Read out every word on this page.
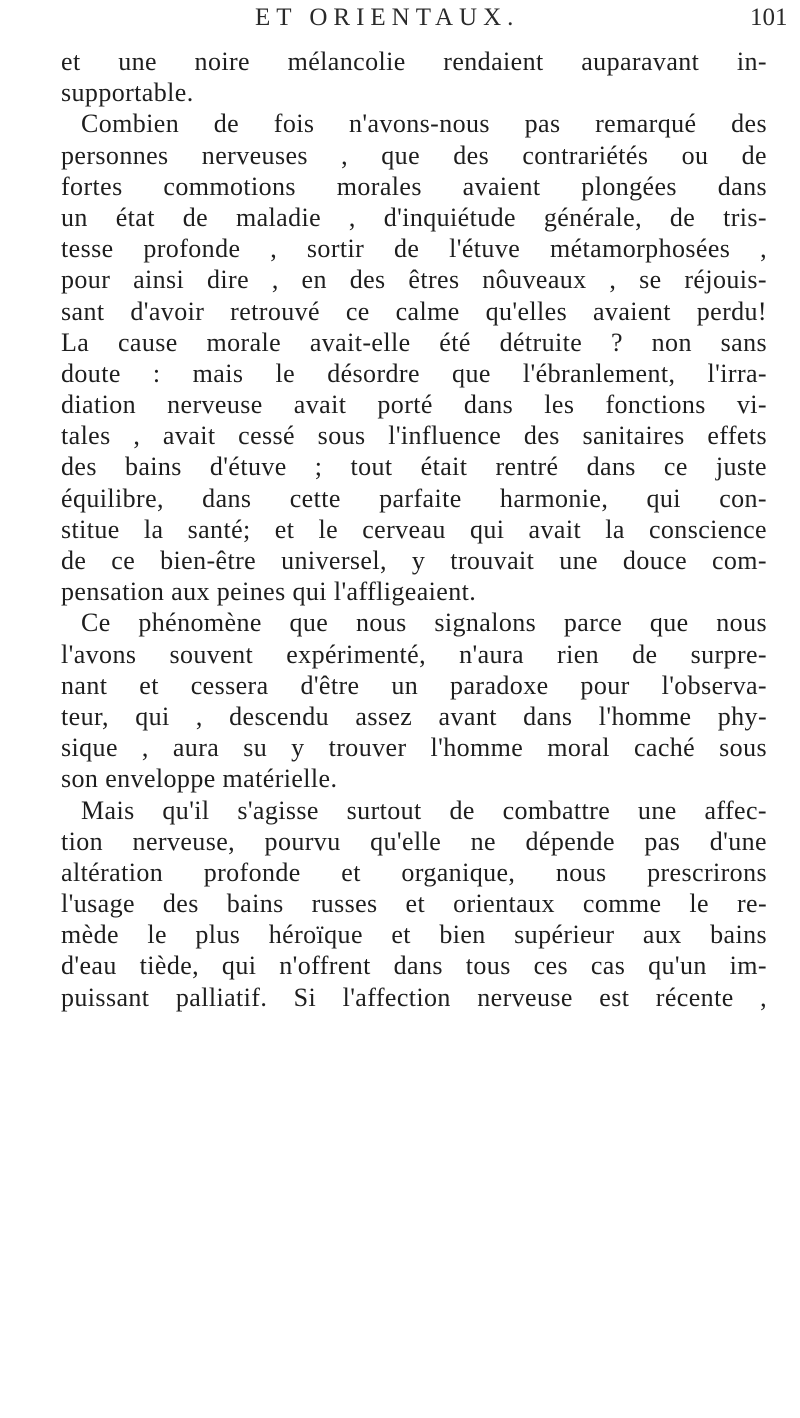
ET ORIENTAUX.	101
et une noire mélancolie rendaient auparavant in-
supportable.
Combien de fois n'avons-nous pas remarqué des
personnes nerveuses , que des contrariétés ou de
fortes commotions morales avaient plongées dans
un état de maladie , d'inquiétude générale, de tris-
tesse profonde , sortir de l'étuve métamorphosées ,
pour ainsi dire , en des êtres nôuveaux , se réjouis-
sant d'avoir retrouvé ce calme qu'elles avaient perdu!
La cause morale avait-elle été détruite ? non sans
doute : mais le désordre que l'ébranlement, l'irra-
diation nerveuse avait porté dans les fonctions vi-
tales , avait cessé sous l'influence des sanitaires effets
des bains d'étuve ; tout était rentré dans ce juste
équilibre, dans cette parfaite harmonie, qui con-
stitue la santé; et le cerveau qui avait la conscience
de ce bien-être universel, y trouvait une douce com-
pensation aux peines qui l'affligeaient.
Ce phénomène que nous signalons parce que nous
l'avons souvent expérimenté, n'aura rien de surpre-
nant et cessera d'être un paradoxe pour l'observa-
teur, qui , descendu assez avant dans l'homme phy-
sique , aura su y trouver l'homme moral caché sous
son enveloppe matérielle.
Mais qu'il s'agisse surtout de combattre une affec-
tion nerveuse, pourvu qu'elle ne dépende pas d'une
altération profonde et organique, nous prescrirons
l'usage des bains russes et orientaux comme le re-
mède le plus héroïque et bien supérieur aux bains
d'eau tiède, qui n'offrent dans tous ces cas qu'un im-
puissant palliatif. Si l'affection nerveuse est récente ,
